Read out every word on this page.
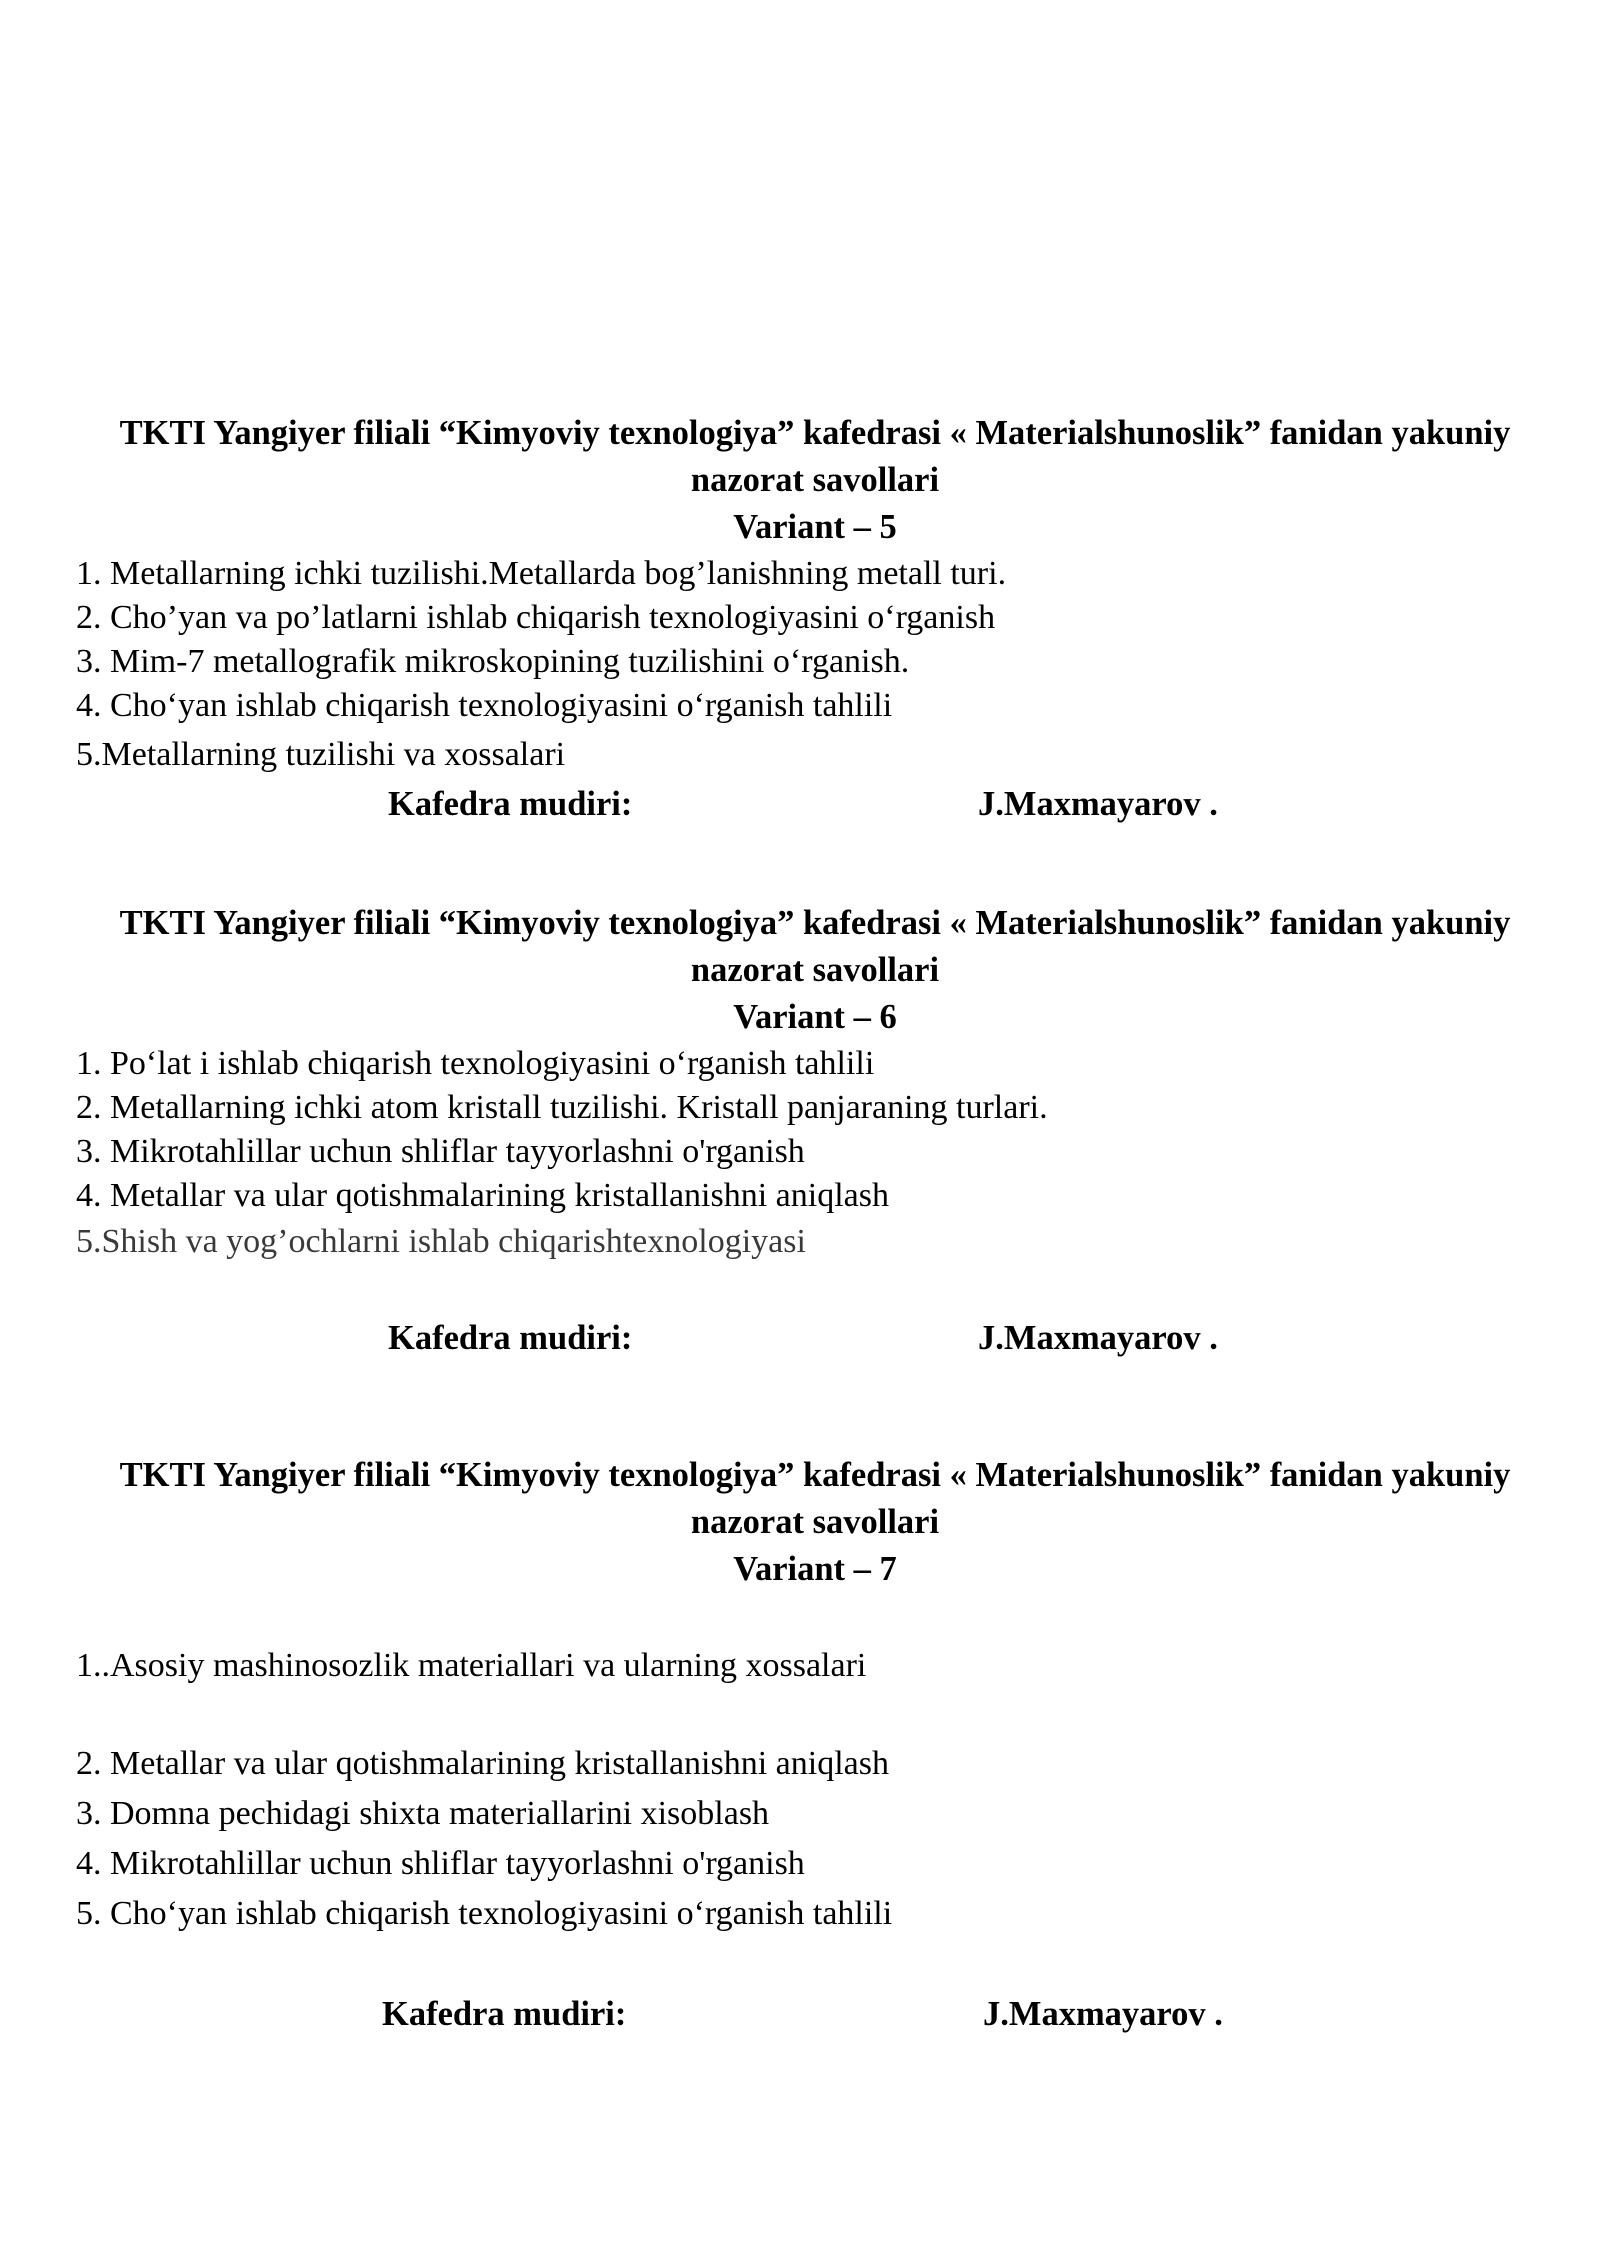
TKTI Yangiyer filiali “Kimyoviy texnologiya” kafedrasi « Materialshunoslik” fanidan yakuniy nazorat savollari
Variant – 5

1. Metallarning ichki tuzilishi.Metallarda bog’lanishning metall turi.

2. Cho’yan va po’latlarni ishlab chiqarish texnologiyasini oʻrganish

3. Mim-7 metallografik mikroskopining tuzilishini oʻrganish.

4. Choʻyan ishlab chiqarish texnologiyasini oʻrganish tahlili

5.Metallarning tuzilishi va xossalari

Kafedra mudiri:	J.Maxmayarov .

TKTI Yangiyer filiali “Kimyoviy texnologiya” kafedrasi « Materialshunoslik” fanidan yakuniy nazorat savollari
Variant – 6

1. Poʻlat i ishlab chiqarish texnologiyasini oʻrganish tahlili

2. Metallarning ichki atom kristall tuzilishi. Kristall panjaraning turlari.

3. Mikrotahlillar uchun shliflar tayyorlashni o'rganish

4. Metallar va ular qotishmalarining kristallanishni aniqlash

5.Shish va yog’ochlarni ishlab chiqarishtexnologiyasi

Kafedra mudiri:	J.Maxmayarov .

TKTI Yangiyer filiali “Kimyoviy texnologiya” kafedrasi « Materialshunoslik” fanidan yakuniy nazorat savollari
Variant – 7

1..Asosiy mashinosozlik materiallari va ularning xossalari

2. Metallar va ular qotishmalarining kristallanishni aniqlash

3. Domna pechidagi shixta materiallarini xisoblash

4. Mikrotahlillar uchun shliflar tayyorlashni o'rganish

5. Choʻyan ishlab chiqarish texnologiyasini oʻrganish tahlili

Kafedra mudiri:	J.Maxmayarov .
